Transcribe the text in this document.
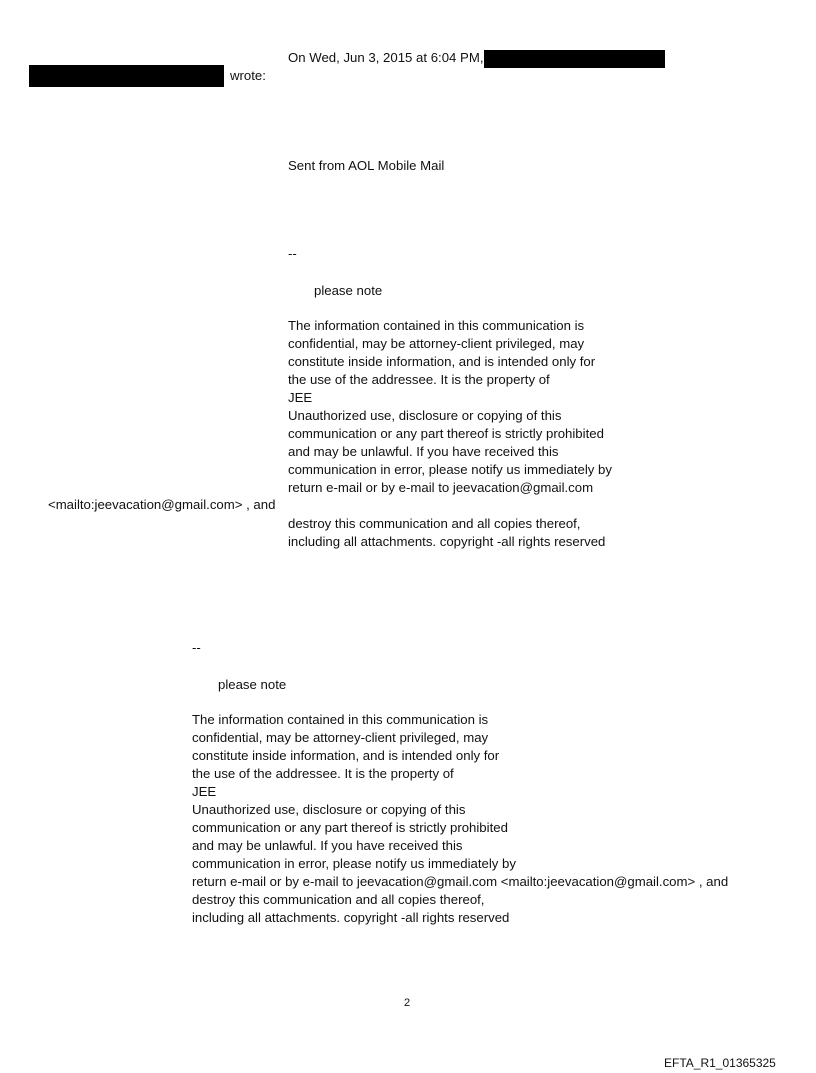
On Wed, Jun 3, 2015 at 6:04 PM,
wrote:
Sent from AOL Mobile Mail
--
please note
The information contained in this communication is
confidential, may be attorney-client privileged, may
constitute inside information, and is intended only for
the use of the addressee. It is the property of
JEE
Unauthorized use, disclosure or copying of this
communication or any part thereof is strictly prohibited
and may be unlawful. If you have received this
communication in error, please notify us immediately by
return e-mail or by e-mail to jeevacation@gmail.com
<mailto:jeevacation@gmail.com> , and
destroy this communication and all copies thereof,
including all attachments. copyright -all rights reserved
--
please note
The information contained in this communication is
confidential, may be attorney-client privileged, may
constitute inside information, and is intended only for
the use of the addressee. It is the property of
JEE
Unauthorized use, disclosure or copying of this
communication or any part thereof is strictly prohibited
and may be unlawful. If you have received this
communication in error, please notify us immediately by
return e-mail or by e-mail to jeevacation@gmail.com <mailto:jeevacation@gmail.com> , and
destroy this communication and all copies thereof,
including all attachments. copyright -all rights reserved
2
EFTA_R1_01365325
